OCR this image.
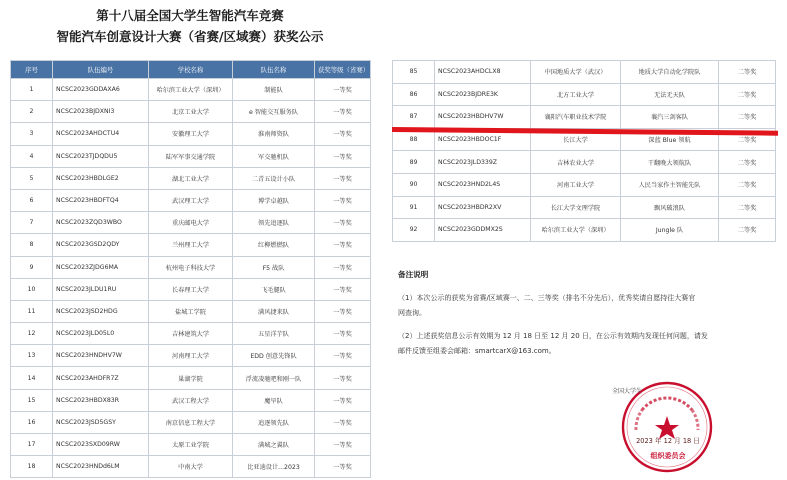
第十八届全国大学生智能汽车竞赛
智能汽车创意设计大赛（省赛/区域赛）获奖公示
序号	队伍编号	学校名称	队伍名称	获奖等级（省赛）
1	NCSC2023GDDAXA6	哈尔滨工业大学（深圳）	制能队	一等奖
2	NCSC2023BJDXNI3	北京工业大学	e 智能交互服务队	一等奖
3	NCSC2023AHDCTU4	安徽理工大学	淮南师资队	一等奖
4	NCSC2023TJDQDU5	陆军军事交通学院	军交驰机队	一等奖
5	NCSC2023HBDLGE2	湖北工业大学	二青五设计小队	一等奖
6	NCSC2023HBDFTQ4	武汉理工大学	博学卓越队	一等奖
7	NCSC2023ZQD3WBO	重庆邮电大学	领先追逐队	一等奖
8	NCSC2023GSD2QDY	兰州理工大学	红柳燃燃队	一等奖
9	NCSC2023ZJDG6MA	杭州电子科技大学	F5 战队	一等奖
10	NCSC2023JLDU1RU	长春理工大学	飞毛腿队	一等奖
11	NCSC2023JSD2HDG	盐城工学院	满风捷来队	一等奖
12	NCSC2023JLD05L0	吉林建筑大学	五星洋芋队	一等奖
13	NCSC2023HNDHV7W	河南理工大学	EDD 创意先锋队	一等奖
14	NCSC2023AHDFR7Z	巢湖学院	浮流凌驰吧和刚一队	一等奖
15	NCSC2023HBDX83R	武汉工程大学	魔旱队	一等奖
16	NCSC2023JSD5GSY	南京信息工程大学	追逐领先队	一等奖
17	NCSC2023SXD09RW	太原工业学院	满城之翼队	一等奖
18	NCSC2023HNDd6LM	中南大学	比亚迪设计...2023	一等奖
85	NCSC2023AHDCLX8	中国地质大学（武汉）	地质大学自动化学院队	二等奖
86	NCSC2023BJDRE3K	北方工业大学	无法无天队	二等奖
87	NCSC2023HBDHV7W	襄阳汽车职业技术学院	襄汽三剑客队	二等奖
88	NCSC2023HBDOC1F	长江大学	深蓝 Blue 领航	二等奖
89	NCSC2023JLD339Z	吉林农业大学	干翻晚大领航队	二等奖
90	NCSC2023HND2L4S	河南工业大学	人民当家作主智能先队	二等奖
91	NCSC2023HBDR2XV	长江大学文理学院	飘风破浪队	二等奖
92	NCSC2023GDDMX2S	哈尔滨工业大学（深圳）	Jungle 队	二等奖
备注说明

（1）本次公示的获奖为省赛/区域赛一、二、三等奖（排名不分先后），优秀奖请自愿持往大赛官

网查询。

（2）上述获奖信息公示有效期为 12 月 18 日至 12 月 20 日，在公示有效期内发现任何问题，请发

邮件反馈至组委会邮箱：smartcarX@163.com。

全国大学生
2023 年 12 月 18 日
组织委员会
